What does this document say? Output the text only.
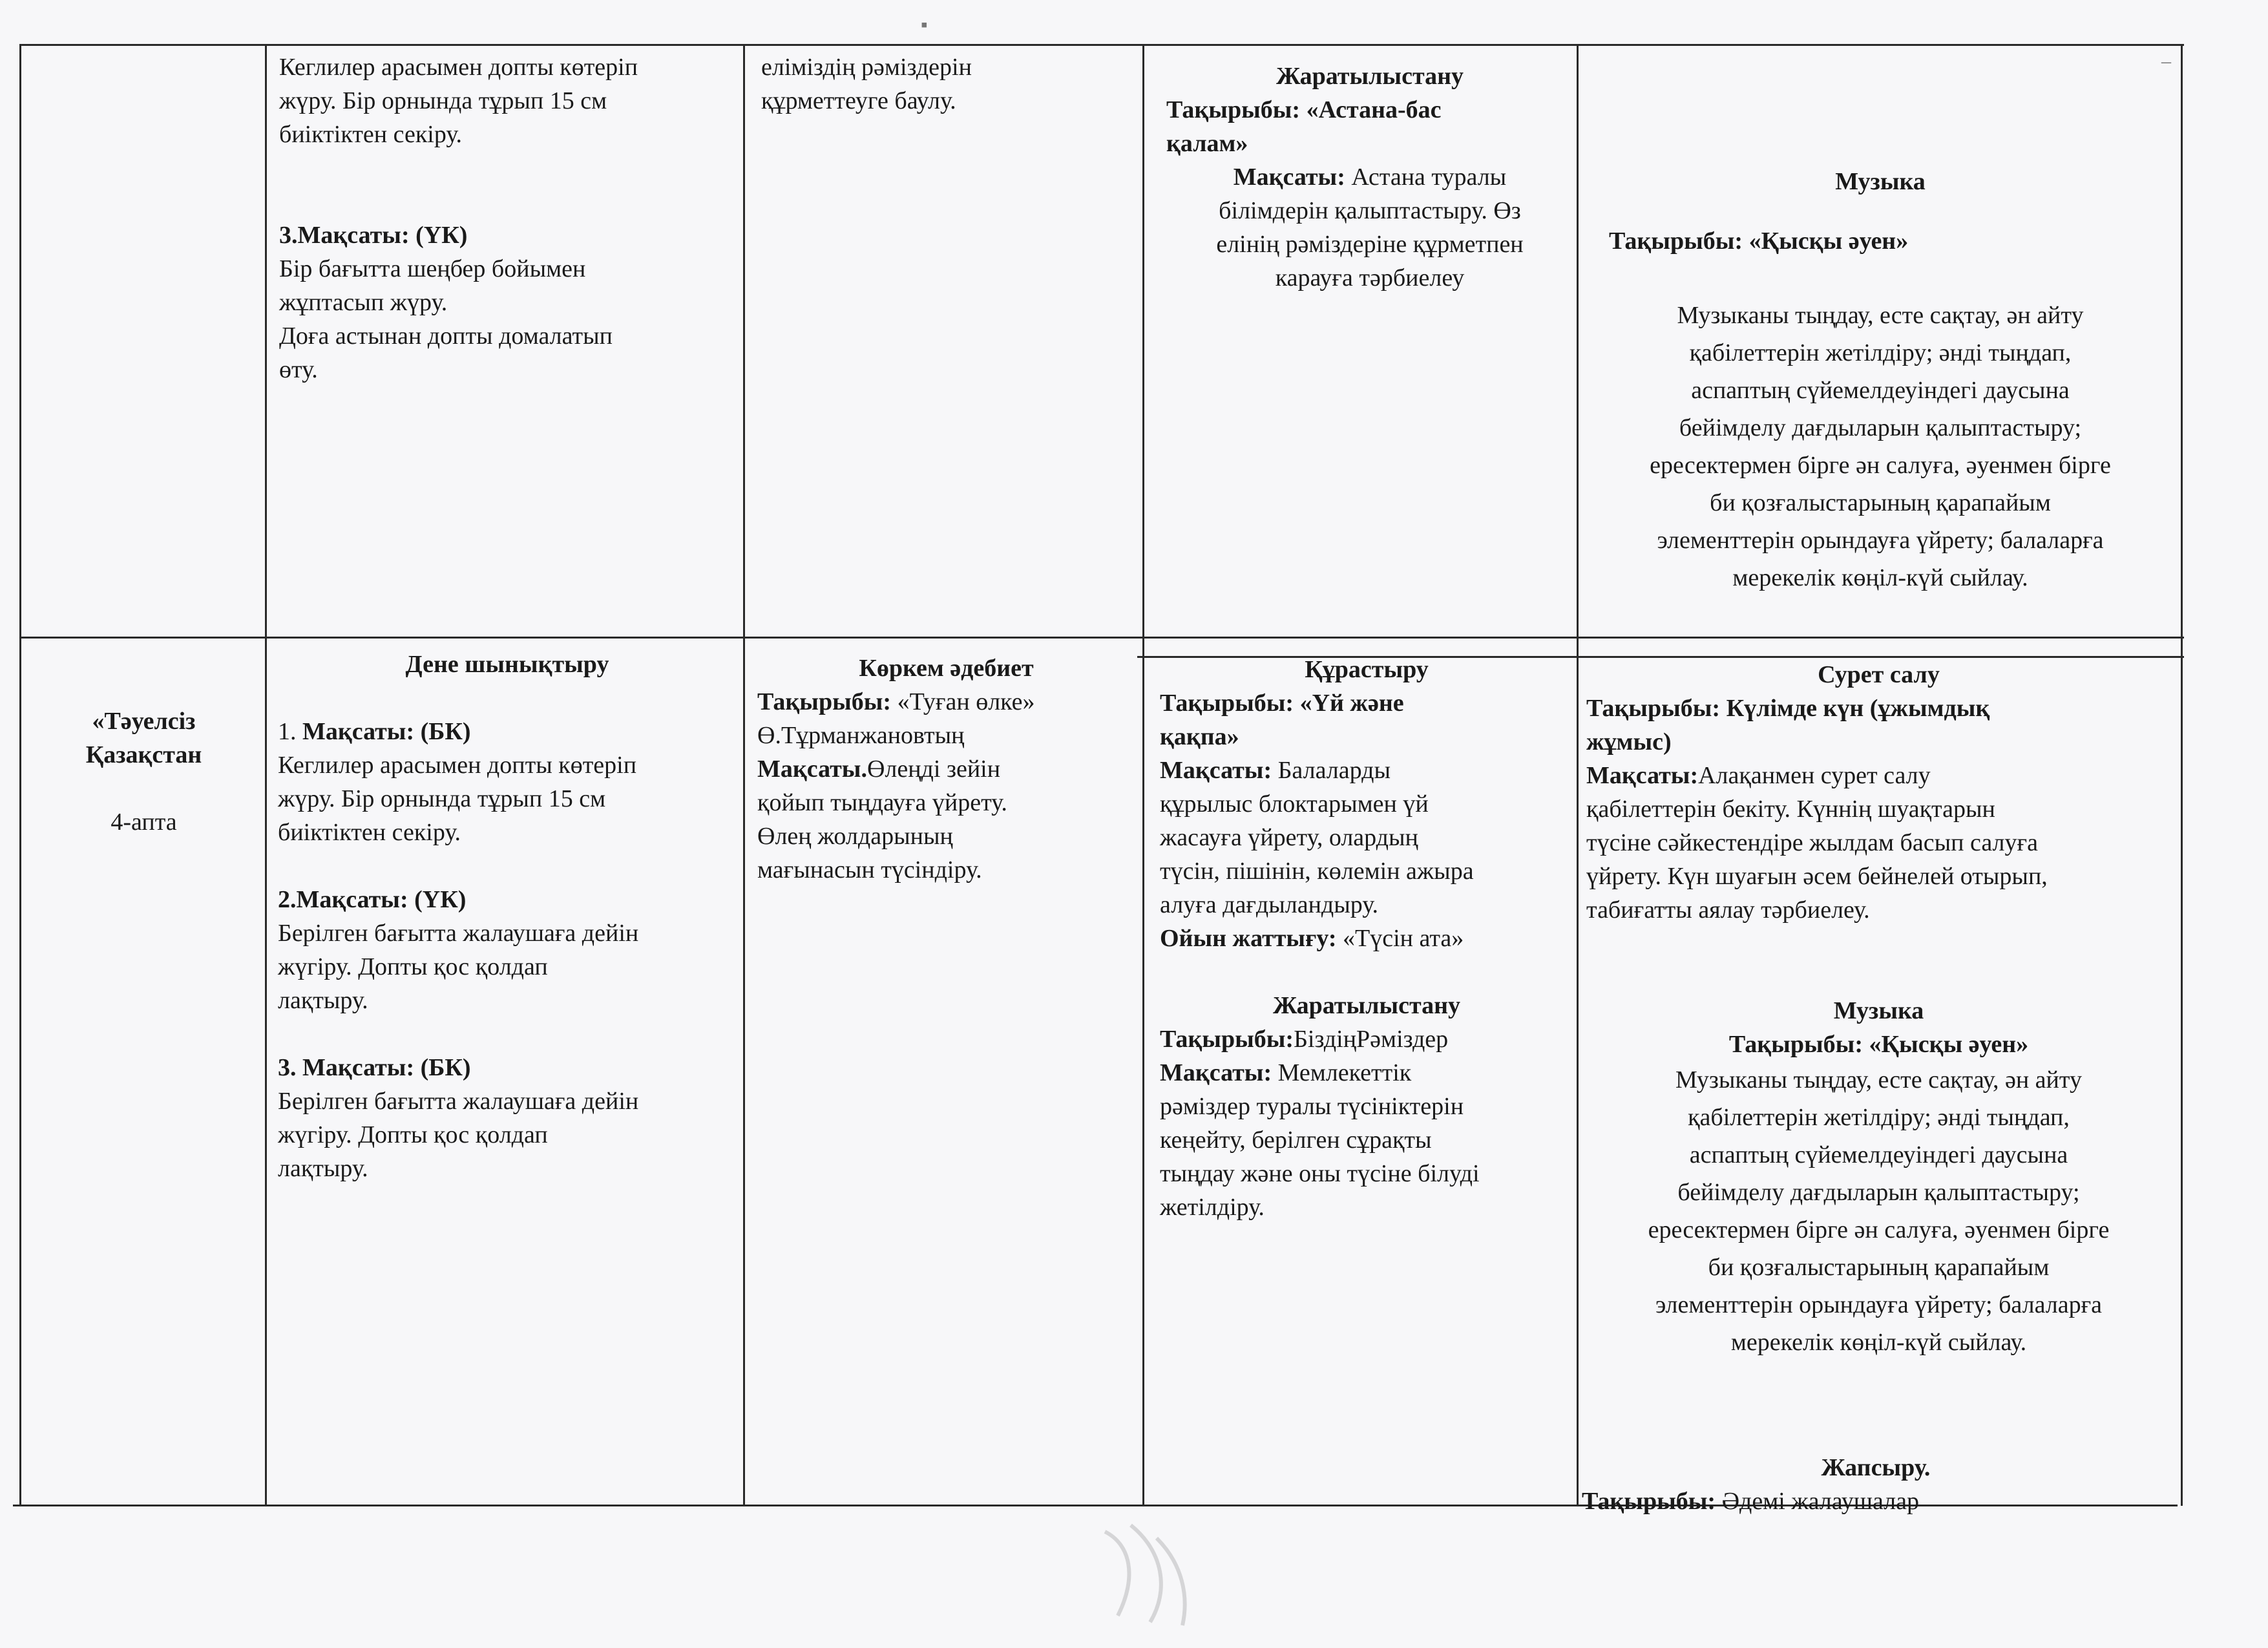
Кеглилер арасымен допты көтеріп

жүру. Бір орнында тұрып 15 см

биіктіктен секіру.

3.Мақсаты: (ҮК)

Бір бағытта шеңбер бойымен

жұптасып жүру.

Доға астынан допты домалатып

өту.

еліміздің рәміздерін

құрметтеуге баулу.

Жаратылыстану

Тақырыбы: «Астана-бас

қалам»

Мақсаты: Астана туралы

білімдерін қалыптастыру. Өз

елінің рәміздеріне құрметпен

карауға тәрбиелеу

Музыка

Тақырыбы: «Қысқы әуен»

Музыканы тыңдау, есте сақтау, ән айту

қабілеттерін жетілдіру; әнді тыңдап,

аспаптың сүйемелдеуіндегі даусына

бейімделу дағдыларын қалыптастыру;

ересектермен бірге ән салуға, әуенмен бірге

би қозғалыстарының қарапайым

элементтерін орындауға үйрету; балаларға

мерекелік көңіл-күй сыйлау.

«Тәуелсіз

Қазақстан

4-апта

Дене шынықтыру

1. Мақсаты: (БК)

Кеглилер арасымен допты көтеріп

жүру. Бір орнында тұрып 15 см

биіктіктен секіру.

2.Мақсаты: (ҮК)

Берілген бағытта жалаушаға дейін

жүгіру. Допты қос қолдап

лақтыру.

3. Мақсаты: (БК)

Берілген бағытта жалаушаға дейін

жүгіру. Допты қос қолдап

лақтыру.

Көркем әдебиет

Тақырыбы: «Туған өлке»

Ө.Тұрманжановтың

Мақсаты.Өлеңді зейін

қойып тыңдауға үйрету.

Өлең жолдарының

мағынасын түсіндіру.

Құрастыру

Тақырыбы: «Үй және

қақпа»

Мақсаты: Балаларды

құрылыс блоктарымен үй

жасауға үйрету, олардың

түсін, пішінін, көлемін ажыра

алуға дағдыландыру.

Ойын жаттығу: «Түсін ата»

Жаратылыстану

Тақырыбы:БіздіңРәміздер

Мақсаты: Мемлекеттік

рәміздер туралы түсініктерін

кеңейту, берілген сұрақты

тыңдау және оны түсіне білуді

жетілдіру.

Сурет салу

Тақырыбы: Күлімде күн (ұжымдық

жұмыс)

Мақсаты:Алақанмен сурет салу

қабілеттерін бекіту. Күннің шуақтарын

түсіне сәйкестендіре жылдам басып салуға

үйрету. Күн шуағын әсем бейнелей отырып,

табиғатты аялау тәрбиелеу.

Музыка

Тақырыбы: «Қысқы әуен»

Музыканы тыңдау, есте сақтау, ән айту

қабілеттерін жетілдіру; әнді тыңдап,

аспаптың сүйемелдеуіндегі даусына

бейімделу дағдыларын қалыптастыру;

ересектермен бірге ән салуға, әуенмен бірге

би қозғалыстарының қарапайым

элементтерін орындауға үйрету; балаларға

мерекелік көңіл-күй сыйлау.

Жапсыру.

Тақырыбы: Әдемі жалаушалар

▪
–
